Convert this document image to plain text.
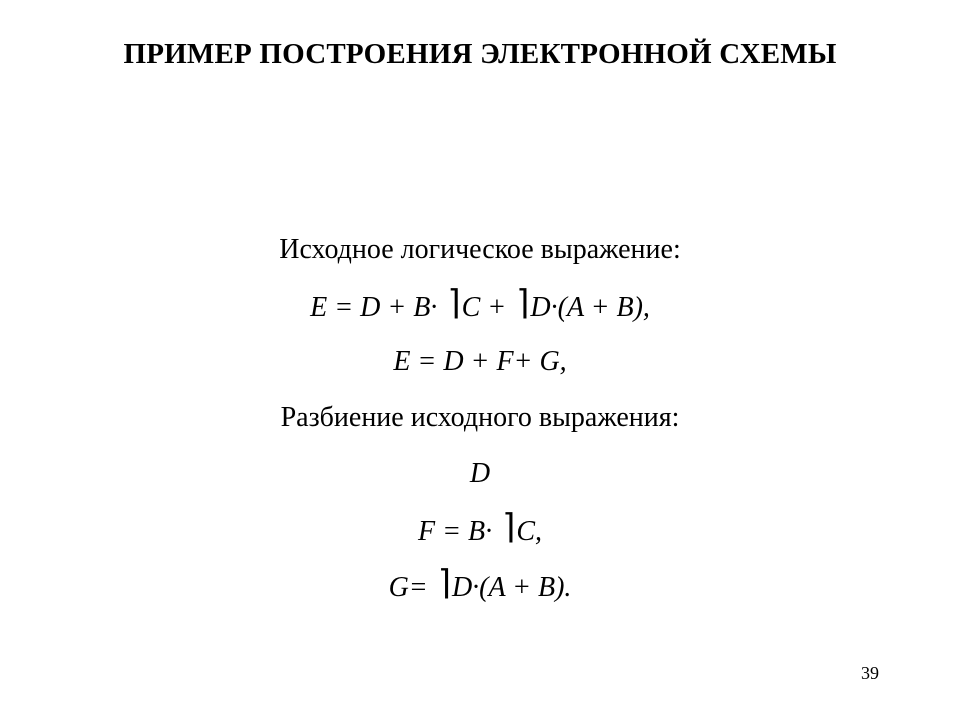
ПРИМЕР ПОСТРОЕНИЯ ЭЛЕКТРОННОЙ СХЕМЫ
Исходное логическое выражение:
E = D + B· ⌉C + ⌉D·(A + B),
E = D + F+ G,
Разбиение исходного выражения:
D
F = B· ⌉C,
G= ⌉D·(A + B).
39
